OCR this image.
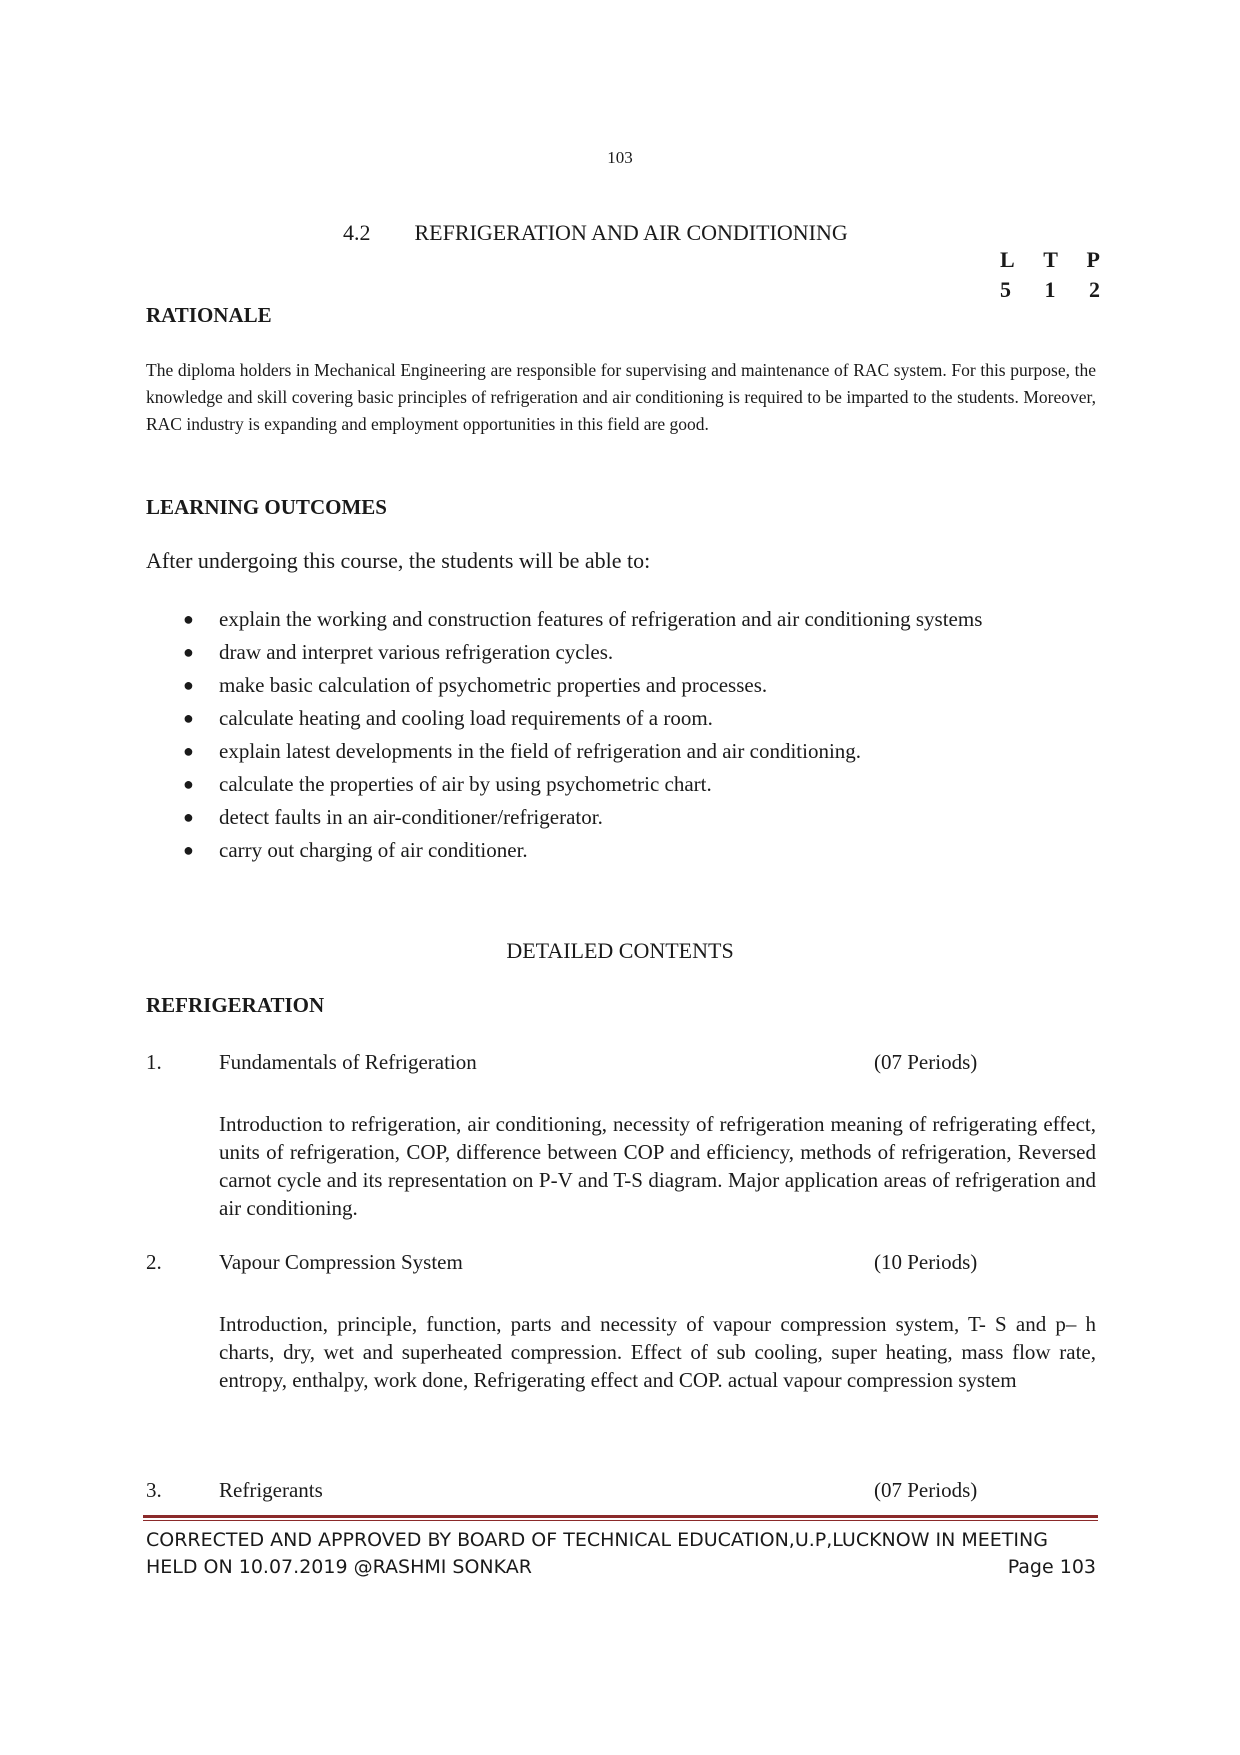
103
4.2 REFRIGERATION AND AIR CONDITIONING
L T P
5 1 2
RATIONALE
The diploma holders in Mechanical Engineering are responsible for supervising and maintenance of RAC system. For this purpose, the knowledge and skill covering basic principles of refrigeration and air conditioning is required to be imparted to the students. Moreover, RAC industry is expanding and employment opportunities in this field are good.
LEARNING OUTCOMES
After undergoing this course, the students will be able to:
● explain the working and construction features of refrigeration and air conditioning systems
● draw and interpret various refrigeration cycles.
● make basic calculation of psychometric properties and processes.
● calculate heating and cooling load requirements of a room.
● explain latest developments in the field of refrigeration and air conditioning.
● calculate the properties of air by using psychometric chart.
● detect faults in an air-conditioner/refrigerator.
● carry out charging of air conditioner.
DETAILED CONTENTS
REFRIGERATION
1.	Fundamentals of Refrigeration	(07 Periods)
Introduction to refrigeration, air conditioning, necessity of refrigeration meaning of refrigerating effect, units of refrigeration, COP, difference between COP and efficiency, methods of refrigeration, Reversed carnot cycle and its representation on P-V and T-S diagram. Major application areas of refrigeration and air conditioning.
2.	Vapour Compression System	(10 Periods)
Introduction, principle, function, parts and necessity of vapour compression system, T- S and p– h charts, dry, wet and superheated compression. Effect of sub cooling, super heating, mass flow rate, entropy, enthalpy, work done, Refrigerating effect and COP. actual vapour compression system
3.	Refrigerants	(07 Periods)
CORRECTED AND APPROVED BY BOARD OF TECHNICAL EDUCATION,U.P,LUCKNOW IN MEETING
HELD ON 10.07.2019 @RASHMI SONKAR	Page 103
